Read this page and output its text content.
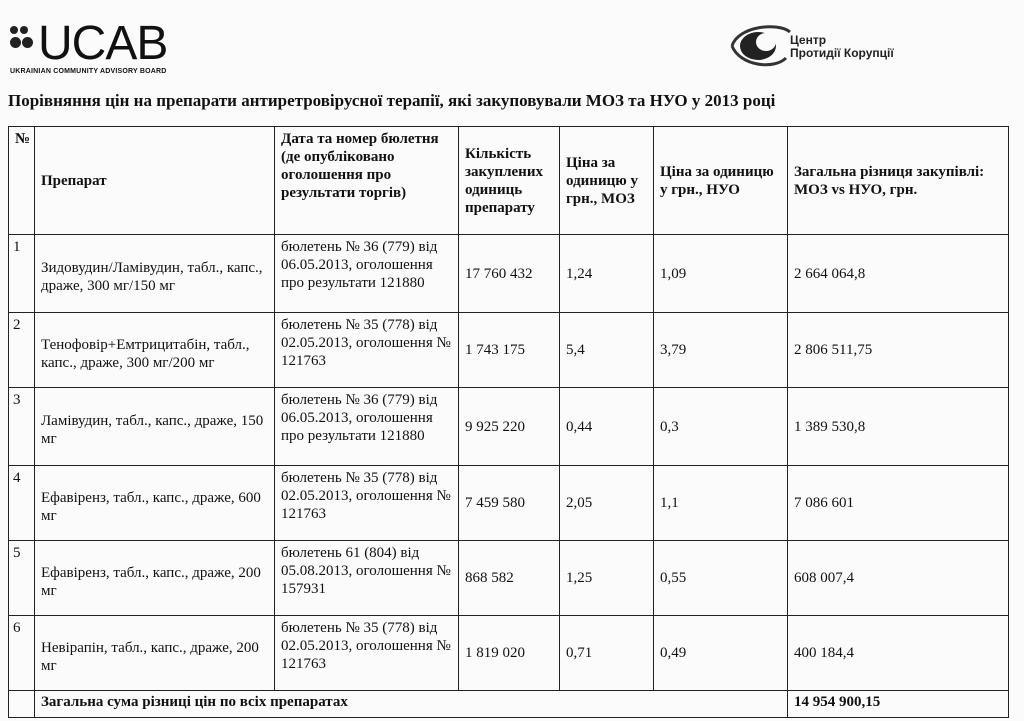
UCAB
UKRAINIAN COMMUNITY ADVISORY BOARD
Центр
Протидії Корупції
Порівняння цін на препарати антиретровірусної терапії, які закуповували МОЗ та НУО у 2013 році
№	Препарат	Дата та номер бюлетня (де опубліковано оголошення про результати торгів)	Кількість закуплених одиниць препарату	Ціна за одиницю у грн., МОЗ	Ціна за одиницю у грн., НУО	Загальна різниця закупівлі: МОЗ vs НУО, грн.
1	Зидовудин/Ламівудин, табл., капс., драже, 300 мг/150 мг	бюлетень № 36 (779) від 06.05.2013, оголошення про результати 121880	17 760 432	1,24	1,09	2 664 064,8
2	Тенофовір+Емтрицитабін, табл., капс., драже, 300 мг/200 мг	бюлетень № 35 (778) від 02.05.2013, оголошення № 121763	1 743 175	5,4	3,79	2 806 511,75
3	Ламівудин, табл., капс., драже, 150 мг	бюлетень № 36 (779) від 06.05.2013, оголошення про результати 121880	9 925 220	0,44	0,3	1 389 530,8
4	Ефавіренз, табл., капс., драже, 600 мг	бюлетень № 35 (778) від 02.05.2013, оголошення № 121763	7 459 580	2,05	1,1	7 086 601
5	Ефавіренз, табл., капс., драже, 200 мг	бюлетень 61 (804) від 05.08.2013, оголошення № 157931	868 582	1,25	0,55	608 007,4
6	Невірапін, табл., капс., драже, 200 мг	бюлетень № 35 (778) від 02.05.2013, оголошення № 121763	1 819 020	0,71	0,49	400 184,4
	Загальна сума різниці цін по всіх препаратах					14 954 900,15
